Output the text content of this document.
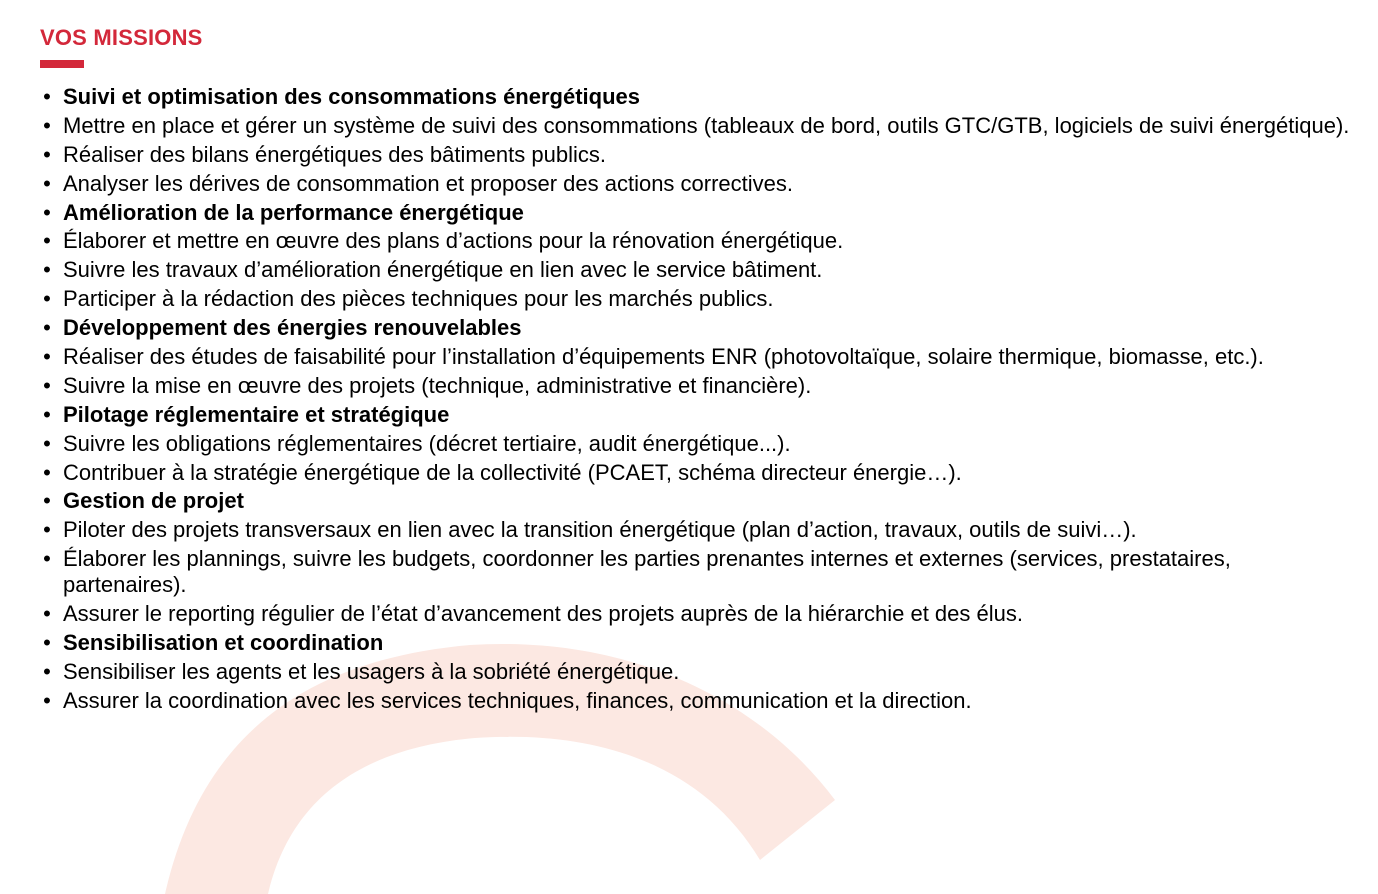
VOS MISSIONS
• Suivi et optimisation des consommations énergétiques
• Mettre en place et gérer un système de suivi des consommations (tableaux de bord, outils GTC/GTB, logiciels de suivi énergétique).
• Réaliser des bilans énergétiques des bâtiments publics.
• Analyser les dérives de consommation et proposer des actions correctives.
• Amélioration de la performance énergétique
• Élaborer et mettre en œuvre des plans d’actions pour la rénovation énergétique.
• Suivre les travaux d’amélioration énergétique en lien avec le service bâtiment.
• Participer à la rédaction des pièces techniques pour les marchés publics.
• Développement des énergies renouvelables
• Réaliser des études de faisabilité pour l’installation d’équipements ENR (photovoltaïque, solaire thermique, biomasse, etc.).
• Suivre la mise en œuvre des projets (technique, administrative et financière).
• Pilotage réglementaire et stratégique
• Suivre les obligations réglementaires (décret tertiaire, audit énergétique...).
• Contribuer à la stratégie énergétique de la collectivité (PCAET, schéma directeur énergie…).
• Gestion de projet
• Piloter des projets transversaux en lien avec la transition énergétique (plan d’action, travaux, outils de suivi…).
• Élaborer les plannings, suivre les budgets, coordonner les parties prenantes internes et externes (services, prestataires, partenaires).
• Assurer le reporting régulier de l’état d’avancement des projets auprès de la hiérarchie et des élus.
• Sensibilisation et coordination
• Sensibiliser les agents et les usagers à la sobriété énergétique.
• Assurer la coordination avec les services techniques, finances, communication et la direction.
